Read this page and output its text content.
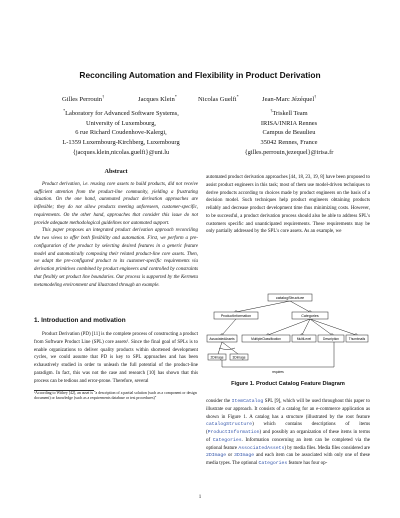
Reconciling Automation and Flexibility in Product Derivation
Gilles Perrouin†	Jacques Klein*	Nicolas Guelfi*	Jean-Marc Jézéquel†
*Laboratory for Advanced Software Systems,
University of Luxembourg,
6 rue Richard Coudenhove-Kalergi,
L-1359 Luxembourg-Kirchberg, Luxembourg
{jacques.klein,nicolas.guelfi}@uni.lu
†Triskell Team
IRISA/INRIA Rennes
Campus de Beaulieu
35042 Rennes, France
{gilles.perrouin,jezequel}@irisa.fr
Abstract

Product derivation, i.e. reusing core assets to build products, did not receive sufficient attention from the product-line community, yielding a frustrating situation. On the one hand, automated product derivation approaches are inflexible; they do not allow products meeting unforeseen, customer-specific, requirements. On the other hand, approaches that consider this issue do not provide adequate methodological guidelines nor automated support.

This paper proposes an integrated product derivation approach reconciling the two views to offer both flexibility and automation. First, we perform a pre-configuration of the product by selecting desired features in a generic feature model and automatically composing their related product-line core assets. Then, we adapt the pre-configured product to its customer-specific requirements via derivation primitives combined by product engineers and controlled by constraints that flexibly set product line boundaries. Our process is supported by the Kermeta metamodeling environment and illustrated through an example.

1. Introduction and motivation

Product Derivation (PD) [11] is the complete process of constructing a product from Software Product Line (SPL) core assets¹. Since the final goal of SPLs is to enable organizations to deliver quality products within shortened development cycles, we could assume that PD is key to SPL approaches and has been exhaustively studied in order to unleash the full potential of the product-line paradigm. In fact, this was not the case and research [10] has shown that this process can be tedious and error-prone. Therefore, several

¹According to Withey [42], an asset is "a description of a partial solution (such as a component or design document) or knowledge (such as a requirements database or test procedures)"

automated product derivation approaches [44, 18, 23, 19, 8] have been proposed to assist product engineers in this task; most of them use model-driven techniques to derive products according to choices made by product engineers on the basis of a decision model. Such techniques help product engineers obtaining products reliably and decrease product development time thus minimizing costs. However, to be successful, a product derivation process should also be able to address SPL's customers specific and unanticipated requirements. These requirements may be only partially addressed by the SPL's core assets. As an example, we

catalogStructure
ProductInformation	Categories
AssociatedAssets	MultipleClassification	MultiLevel	Description	Thumbnails
2DImage	3DImage
requires
Figure 1. Product Catalog Feature Diagram

consider the ItemCatalog SPL [9], which will be used throughout this paper to illustrate our approach. It consists of a catalog for an e-commerce application as shown in Figure 1. A catalog has a structure (illustrated by the root feature catalogStructure) which contains descriptions of items (ProductInformation) and possibly an organization of these items in terms of Categories. Information concerning an item can be completed via the optional feature AssociatedAssets) by media files. Media files considered are 2DImage or 3DImage and each item can be associated with only one of these media types. The optional Categories feature has four op-

1
